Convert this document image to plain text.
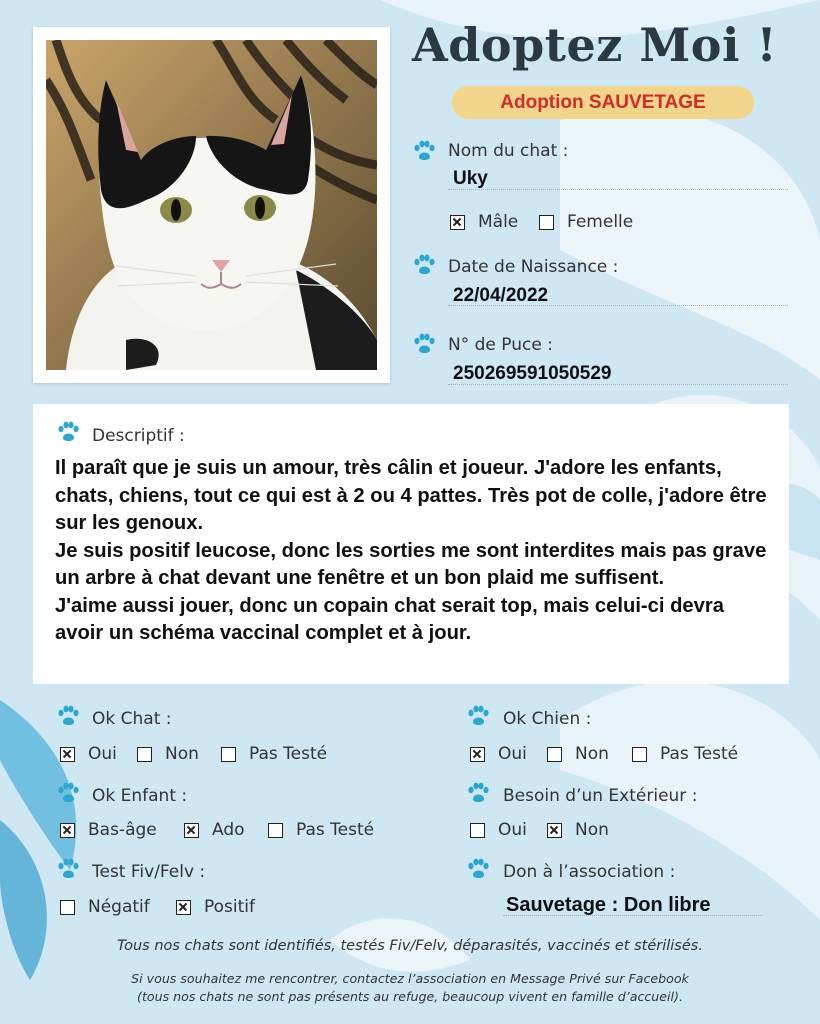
Adoptez Moi !
Adoption SAUVETAGE
Nom du chat :
Uky
Mâle	Femelle
Date de Naissance :
22/04/2022
N° de Puce :
250269591050529
Descriptif :

Il paraît que je suis un amour, très câlin et joueur. J'adore les enfants, chats, chiens, tout ce qui est à 2 ou 4 pattes. Très pot de colle, j'adore être sur les genoux.

Je suis positif leucose, donc les sorties me sont interdites mais pas grave un arbre à chat devant une fenêtre et un bon plaid me suffisent.

J'aime aussi jouer, donc un copain chat serait top, mais celui-ci devra avoir un schéma vaccinal complet et à jour.

Ok Chat :
Oui	Non	Pas Testé
Ok Chien :
Oui	Non	Pas Testé
Ok Enfant :
Bas-âge	Ado	Pas Testé
Besoin d’un Extérieur :
Oui	Non
Test Fiv/Felv :
Négatif	Positif
Don à l’association :
Sauvetage : Don libre
Tous nos chats sont identifiés, testés Fiv/Felv, déparasités, vaccinés et stérilisés.
Si vous souhaitez me rencontrer, contactez l’association en Message Privé sur Facebook
(tous nos chats ne sont pas présents au refuge, beaucoup vivent en famille d’accueil).
